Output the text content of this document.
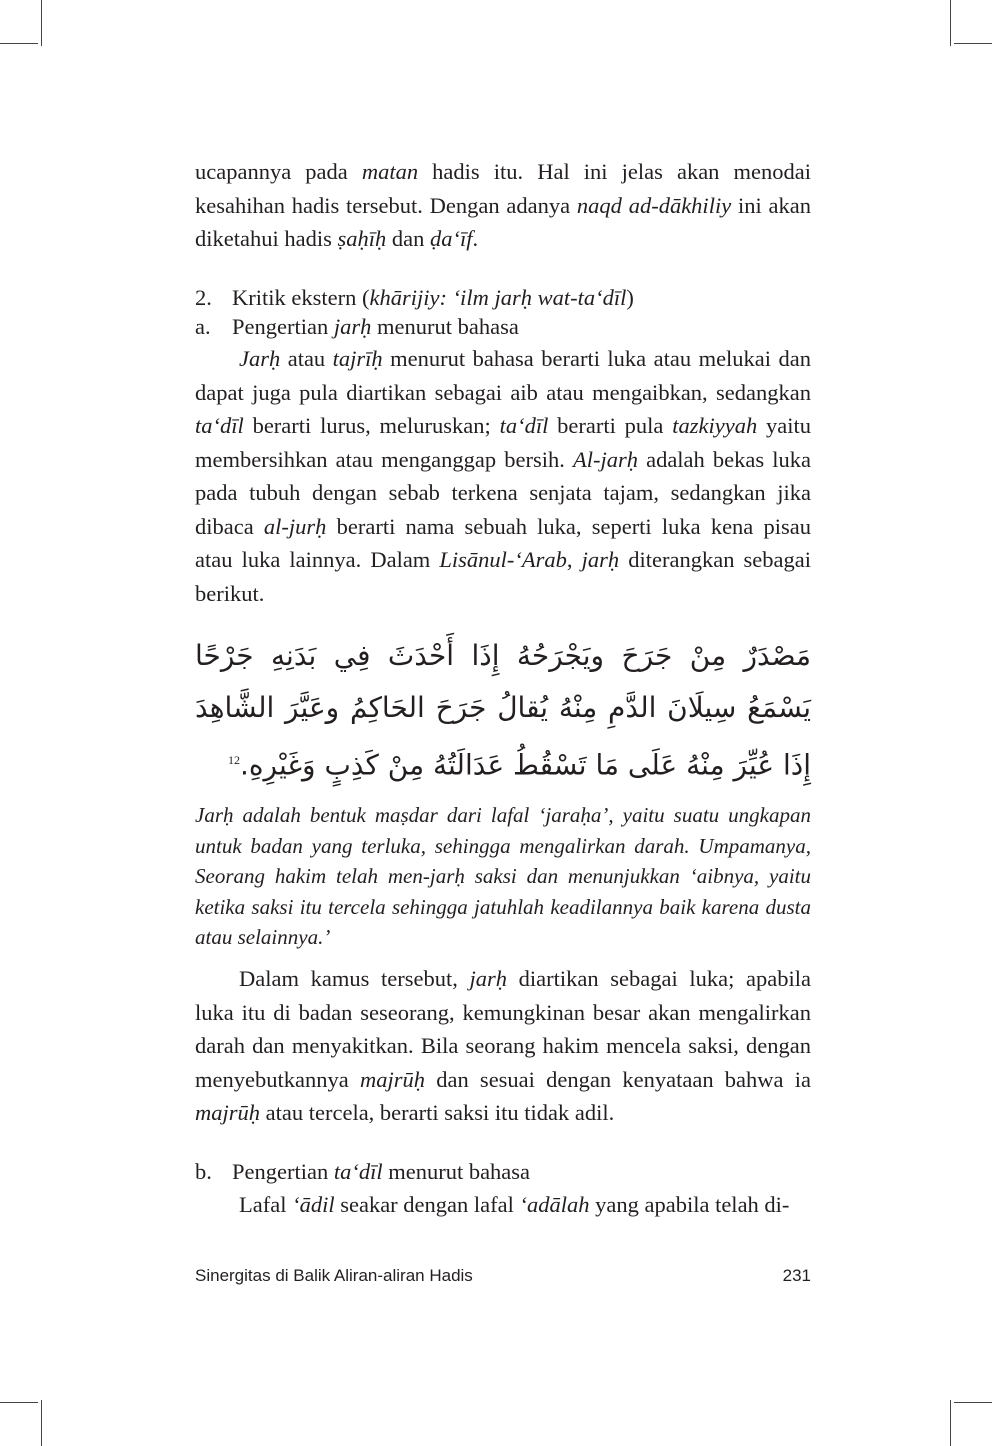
ucapannya pada matan hadis itu. Hal ini jelas akan menodai kesahihan hadis tersebut. Dengan adanya naqd ad-dākhiliy ini akan diketahui hadis ṣaḥīḥ dan ḍa‘īf.

2. Kritik ekstern (khārijiy: ‘ilm jarḥ wat-ta‘dīl)

a. Pengertian jarḥ menurut bahasa

Jarḥ atau tajrīḥ menurut bahasa berarti luka atau melukai dan dapat juga pula diartikan sebagai aib atau mengaibkan, sedangkan ta‘dīl berarti lurus, meluruskan; ta‘dīl berarti pula tazkiyyah yaitu membersihkan atau menganggap bersih. Al-jarḥ adalah bekas luka pada tubuh dengan sebab terkena senjata tajam, sedangkan jika dibaca al-jurḥ berarti nama sebuah luka, seperti luka kena pisau atau luka lainnya. Dalam Lisānul-‘Arab, jarḥ diterangkan sebagai berikut.

مَصْدَرٌ مِنْ جَرَحَ ويَجْرَحُهُ إِذَا أَحْدَثَ فِي بَدَنِهِ جَرْحًا يَسْمَعُ سِيلَانَ الدَّمِ مِنْهُ يُقالُ جَرَحَ الحَاكِمُ وعَيَّرَ الشَّاهِدَ إِذَا عُيِّرَ مِنْهُ عَلَى مَا تَسْقُطُ عَدَالَتُهُ مِنْ كَذِبٍ وَغَيْرِهِ.$^{12}$

Jarḥ adalah bentuk maṣdar dari lafal ‘jaraḥa’, yaitu suatu ungkapan untuk badan yang terluka, sehingga mengalirkan darah. Umpamanya, Seorang hakim telah men-jarḥ saksi dan menunjukkan ‘aibnya, yaitu ketika saksi itu tercela sehingga jatuhlah keadilannya baik karena dusta atau selainnya.’

Dalam kamus tersebut, jarḥ diartikan sebagai luka; apabila luka itu di badan seseorang, kemungkinan besar akan mengalirkan darah dan menyakitkan. Bila seorang hakim mencela saksi, dengan menyebutkannya majrūḥ dan sesuai dengan kenyataan bahwa ia majrūḥ atau tercela, berarti saksi itu tidak adil.

b. Pengertian ta‘dīl menurut bahasa

Lafal ‘ādil seakar dengan lafal ‘adālah yang apabila telah di-

Sinergitas di Balik Aliran-aliran Hadis	231
